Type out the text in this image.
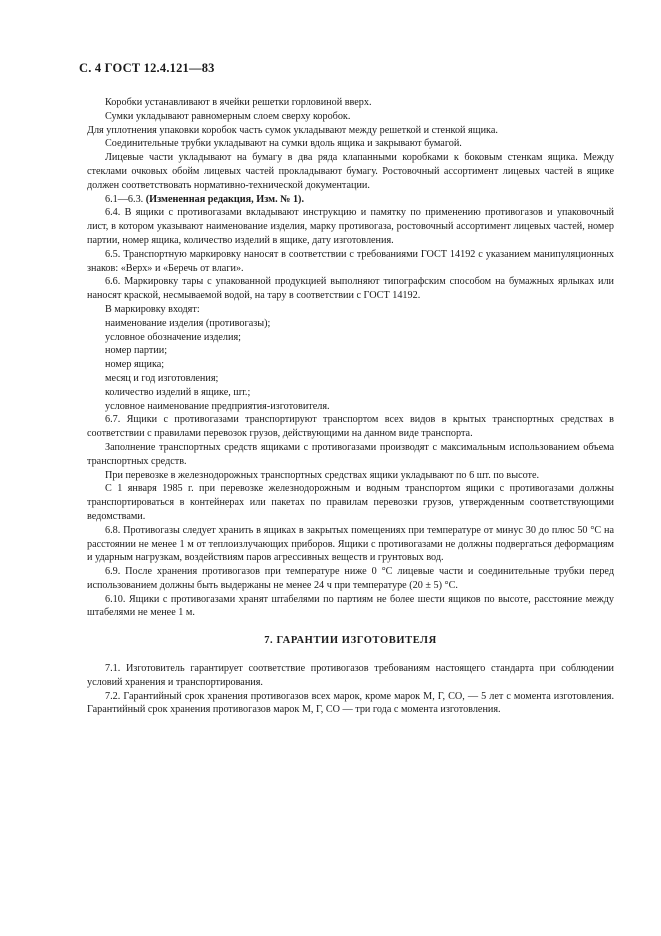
С. 4 ГОСТ 12.4.121—83

Коробки устанавливают в ячейки решетки горловиной вверх.

Сумки укладывают равномерным слоем сверху коробок.

Для уплотнения упаковки коробок часть сумок укладывают между решеткой и стенкой ящика.

Соединительные трубки укладывают на сумки вдоль ящика и закрывают бумагой.

Лицевые части укладывают на бумагу в два ряда клапанными коробками к боковым стенкам ящика. Между стеклами очковых обойм лицевых частей прокладывают бумагу. Ростовочный ассортимент лицевых частей в ящике должен соответствовать нормативно-технической документации.

6.1—6.3. (Измененная редакция, Изм. № 1).

6.4. В ящики с противогазами вкладывают инструкцию и памятку по применению противогазов и упаковочный лист, в котором указывают наименование изделия, марку противогаза, ростовочный ассортимент лицевых частей, номер партии, номер ящика, количество изделий в ящике, дату изготовления.

6.5. Транспортную маркировку наносят в соответствии с требованиями ГОСТ 14192 с указанием манипуляционных знаков: «Верх» и «Беречь от влаги».

6.6. Маркировку тары с упакованной продукцией выполняют типографским способом на бумажных ярлыках или наносят краской, несмываемой водой, на тару в соответствии с ГОСТ 14192.

В маркировку входят:

наименование изделия (противогазы);

условное обозначение изделия;

номер партии;

номер ящика;

месяц и год изготовления;

количество изделий в ящике, шт.;

условное наименование предприятия-изготовителя.

6.7. Ящики с противогазами транспортируют транспортом всех видов в крытых транспортных средствах в соответствии с правилами перевозок грузов, действующими на данном виде транспорта.

Заполнение транспортных средств ящиками с противогазами производят с максимальным использованием объема транспортных средств.

При перевозке в железнодорожных транспортных средствах ящики укладывают по 6 шт. по высоте.

С 1 января 1985 г. при перевозке железнодорожным и водным транспортом ящики с противогазами должны транспортироваться в контейнерах или пакетах по правилам перевозки грузов, утвержденным соответствующими ведомствами.

6.8. Противогазы следует хранить в ящиках в закрытых помещениях при температуре от минус 30 до плюс 50 °С на расстоянии не менее 1 м от теплоизлучающих приборов. Ящики с противогазами не должны подвергаться деформациям и ударным нагрузкам, воздействиям паров агрессивных веществ и грунтовых вод.

6.9. После хранения противогазов при температуре ниже 0 °С лицевые части и соединительные трубки перед использованием должны быть выдержаны не менее 24 ч при температуре (20 ± 5) °С.

6.10. Ящики с противогазами хранят штабелями по партиям не более шести ящиков по высоте, расстояние между штабелями не менее 1 м.

7. ГАРАНТИИ ИЗГОТОВИТЕЛЯ

7.1. Изготовитель гарантирует соответствие противогазов требованиям настоящего стандарта при соблюдении условий хранения и транспортирования.

7.2. Гарантийный срок хранения противогазов всех марок, кроме марок М, Г, СО, — 5 лет с момента изготовления. Гарантийный срок хранения противогазов марок М, Г, СО — три года с момента изготовления.
